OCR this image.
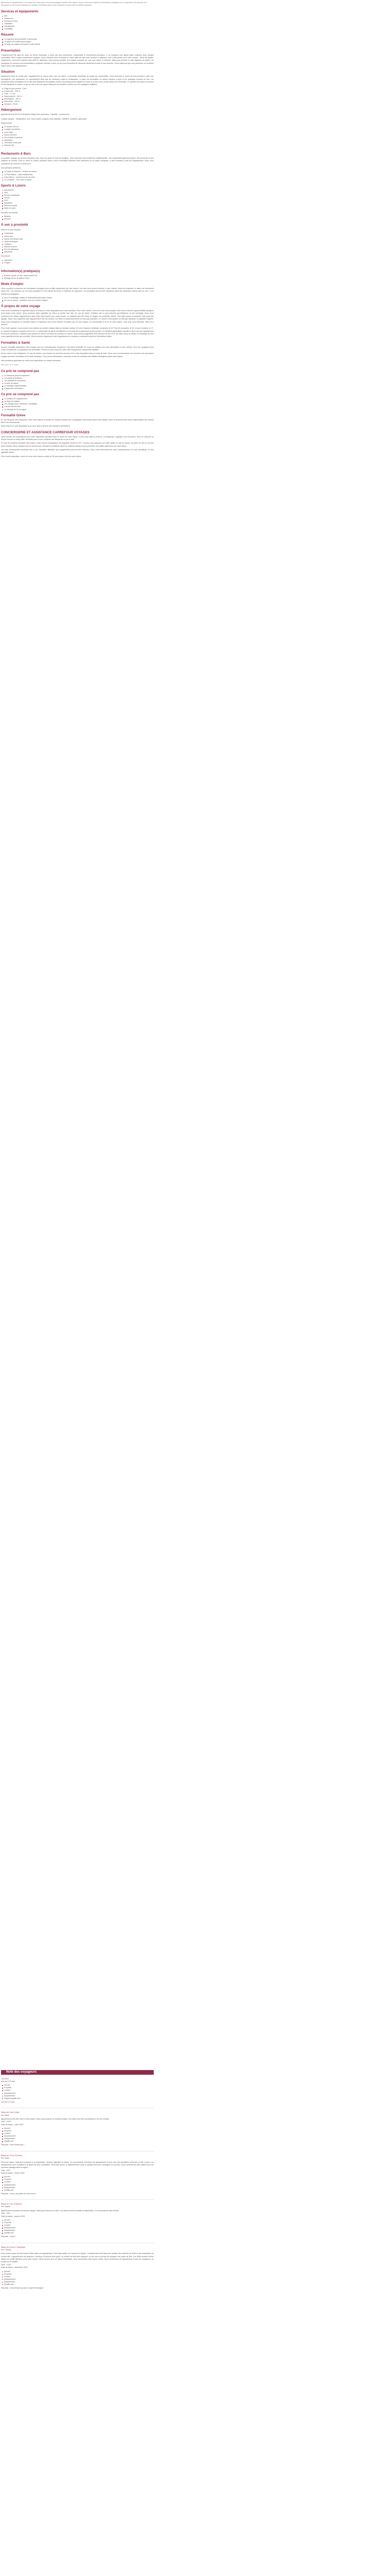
Bienvenue à l'appartement ! Ce carnet est conçu pour vous accompagner durant votre séjour. Vous y trouverez toutes les informations pratiques sur le logement, les services, les transports et les bonnes adresses du quartier. N'hésitez pas à nous contacter si vous avez la moindre question.

Services et équipements
Wifi
Restaurant
Parcours et lieux
Télévision
Climatisation
Chauffage
Résumé
Le logement peut accueillir 4 personnes
Le séjour est entièrement équipé
Le linge de maison est fourni à votre arrivée
Présentation

L'appartement est situé au cœur du centre historique, à deux pas des commerces, restaurants et monuments principaux. Il se compose d'un grand salon lumineux avec canapé convertible, d'une cuisine entièrement équipée, d'une chambre avec lit double et d'une salle de bain avec douche à l'italienne. Tout a été pensé pour votre confort : literie de qualité, rangements, connexion internet haut débit et télévision. Vous pourrez profiter d'un balcon donnant sur une cour calme et arborée, idéal pour prendre le petit déjeuner au soleil. Les transports en commun sont accessibles à quelques minutes à pied, ce qui vous permettra de découvrir facilement la ville et ses environs. Nous espérons que vous passerez un excellent séjour dans notre appartement.

Situation

Idéalement situé au centre-ville, l'appartement se trouve dans une rue calme, à proximité immédiate de toutes les commodités. Vous trouverez à moins de cinq minutes à pied une boulangerie, une pharmacie, un supermarché ainsi que de nombreux cafés et restaurants. La gare est accessible en quinze minutes à pied ou en quelques minutes en bus. Les principaux sites touristiques de la ville sont facilement accessibles à pied. Un parking public payant se trouve à environ deux cents mètres de l'immeuble. Le quartier est vivant en journée et très tranquille en soirée, ce qui en fait un lieu de séjour idéal pour les familles comme pour les voyageurs d'affaires.

Plage la plus proche : 2 km
Centre-ville : 200 m
Gare : 1,2 km
Supermarché : 300 m
Boulangerie : 100 m
Pharmacie : 150 m
Aéroport : 25 km
Hébergement

Appartement de 55 m² au deuxième étage avec ascenseur. Capacité : 4 personnes.

Cuisine équipée : réfrigérateur, four, micro-ondes, plaques, lave-vaisselle, cafetière, bouilloire, grille-pain.

Équipements :

Lit double 160 cm
Canapé convertible
Lave-linge
Sèche-cheveux
Fer et table à repasser
Aspirateur
Télévision écran plat
Internet wifi
Restaurants & Bars

Le quartier regorge de bonnes adresses pour tous les goûts et tous les budgets. Vous trouverez des brasseries traditionnelles, des restaurants gastronomiques, des pizzerias et des cuisines du monde. Pour un verre en soirée, plusieurs bars à vins et terrasses animées vous attendent sur la place principale, à deux minutes à pied de l'appartement. Nous vous conseillons de réserver le week-end.

Nos adresses préférées :

La Table du Marché – cuisine de saison
Le Petit Bistrot – plats traditionnels
Chez Marco – pizzeria au feu de bois
Le Comptoir – bar à vins et tapas
Sports & Loisirs
Randonnée
Vélo
Piscine municipale
Tennis
Golf
Équitation
Parcours sportif
Salle de sport

Activités à proximité :

Balades
Musées
À voir à proximité

Sites à ne pas manquer :

Cathédrale
Vieille ville
Musée des Beaux-Arts
Jardin botanique
Château
Marché couvert
Port de plaisance
Belvédère

Excursions :

Vignobles
Gorges
Information(s) pratique(s)
Arrivée à partir de 16h, départ avant 11h.
Ménage de fin de séjour inclus.
Mode d'emploi

Vous trouverez ci-dessous les principales consignes pour profiter pleinement de votre séjour. Les clés vous seront remises à votre arrivée. Merci de respecter le calme de l'immeuble après 22h. Les animaux ne sont pas acceptés et il est interdit de fumer à l'intérieur du logement. Les poubelles doivent être déposées dans les conteneurs situés dans la cour. Le tri sélectif est obligatoire.

Pour le chauffage, utilisez le thermostat situé dans l'entrée.
En cas de panne, contactez-nous au numéro indiqué.
À propos de votre voyage

Nous vous souhaitons un agréable séjour et restons à votre disposition pour toute question. Pour votre confort, merci de nous communiquer votre heure d'arrivée approximative quelques jours avant votre venue. Nous pourrons ainsi organiser au mieux la remise des clés. En cas de retard, n'hésitez pas à nous prévenir par téléphone ou par message. Nous vous remercions de laisser l'appartement dans l'état dans lequel vous l'avez trouvé. La vaisselle doit être lavée et rangée, les poubelles vidées. Tout objet cassé ou détérioré doit nous être signalé. Nous vous rappelons que l'appartement est non-fumeur. Les fêtes et rassemblements ne sont pas autorisés. Le nombre d'occupants ne doit pas dépasser la capacité indiquée. Nous vous souhaitons un excellent séjour et espérons vous revoir bientôt. N'oubliez pas de nous laisser un commentaire à la fin de votre séjour, votre avis nous intéresse. Merci et à bientôt !

Pour toute urgence, vous pouvez nous joindre au numéro indiqué dans la rubrique contact. En cas d'urgence médicale, composez le 15. Pour les pompiers, le 18, et pour la police, le 17. Le numéro d'urgence européen est le 112. La pharmacie de garde est affichée sur la porte de la pharmacie la plus proche. Un médecin généraliste consulte à deux rues de l'appartement du lundi au vendredi. L'hôpital le plus proche se trouve à environ dix minutes en voiture. Nous restons joignables tous les jours de 8h à 21h. Au-delà, merci de laisser un message et nous vous rappellerons dès que possible. Vous trouverez également dans l'appartement un classeur contenant toutes les informations utiles.

Formalités & Santé

Aucune formalité particulière n'est requise pour les ressortissants européens. Une pièce d'identité en cours de validité vous sera demandée à votre arrivée. Pour les voyageurs hors Union européenne, un passeport est nécessaire. Pensez à vous munir de votre carte européenne d'assurance maladie.

Aucun vaccin n'est obligatoire. En cas de besoin, une trousse de premiers secours est à votre disposition dans la salle de bain. Nous vous recommandons de souscrire une assurance voyage couvrant l'annulation et les frais médicaux. Pour plus d'informations, consultez le site du ministère des Affaires étrangères avant votre départ.

Nos conditions générales de vente sont disponibles sur simple demande.

Mis à jour le 12 mars

Ce prix ne comprend pas
Le transport jusqu'au logement
Les repas et boissons
Les activités et excursions
La taxe de séjour
Le ménage supplémentaire
L'assurance annulation
Ce prix ne comprend pas
La location de l'appartement
Le linge de maison
Les charges (eau, électricité, chauffage)
L'accès internet wifi
Le ménage de fin de séjour
Formalité Grève

En cas de grève des transports, nous vous invitons à vérifier les horaires auprès des compagnies concernées avant votre départ. Nous ne pourrons être tenus responsables des retards liés à ces événements.

Nous restons à votre disposition pour vous aider à trouver des solutions alternatives.

CONCIERGERIE ET ASSISTANCE CARREFOUR VOYAGES

Notre service de conciergerie est à votre disposition pendant toute la durée de votre séjour. Il peut vous aider à réserver un restaurant, organiser une excursion, louer un véhicule ou encore trouver un baby-sitter. N'hésitez pas à nous contacter par téléphone ou par e-mail.

En cas de problème pendant votre séjour, notre service d'assistance est joignable 24h/24 et 7j/7. Il pourra vous apporter une aide rapide en cas de panne, de perte de clés ou de tout autre incident. Nous mettrons tout en œuvre pour résoudre le problème dans les meilleurs délais et vous permettre de profiter pleinement de votre séjour.

Les frais d'intervention éventuels liés à une mauvaise utilisation des équipements pourront être facturés. Nous vous remercions de votre compréhension et vous souhaitons un très agréable séjour.

Pour toute réclamation, merci de nous écrire dans un délai de 30 jours après la fin de votre séjour.

Note des voyageurs
Très bien
Avis sur 172 avis
Accueil
Propreté
Confort
Emplacement
Équipements
Rapport qualité-prix
Voir les 172 avis
Séjour du 2 au 9 mars
Par Marie
Appartement très bien situé et très propre. Nous avons passé un excellent séjour. Les hôtes sont très accueillants et de bon conseil.
Note : 10/10
Date de séjour : mars 2024
Accueil
Propreté
Confort
Emplacement
Équipements
Qualité-prix
Réponse : merci beaucoup !
Séjour du 14 au 21 février
Par Julien
Très bon séjour, logement conforme à la description. Quartier agréable et calme. Je recommande vivement cet appartement à tous ceux qui souhaitent découvrir la ville à pied. Les équipements sont complets et la literie est très confortable. Seul petit bémol, le stationnement dans le quartier peut être compliqué en journée. Nous reviendrons avec plaisir lors d'un prochain passage dans la région.
Note : 9/10
Date de séjour : février 2024
Accueil
Propreté
Confort
Emplacement
Équipements
Qualité-prix
Réponse : merci, au plaisir de vous revoir !
Séjour du 3 au 10 janvier
Par Sophie
Appartement charmant et très bien équipé. Idéal pour découvrir la ville. Les hôtes sont très réactifs et disponibles. Je recommande sans hésiter.
Note : 9/10
Date de séjour : janvier 2024
Accueil
Propreté
Confort
Emplacement
Équipements
Qualité-prix
Réponse : merci !
Séjour du 20 au 27 décembre
Par Thomas
Nous avons passé de très bonnes fêtes dans cet appartement. Tout était parfait, de l'accueil au départ. L'emplacement est idéal pour profiter des marchés de Noël et des animations du centre-ville. L'appartement est spacieux, lumineux et décoré avec goût. La cuisine est très bien équipée, ce qui nous a permis de préparer nos repas de fête. Les hôtes avaient même laissé une petite attention pour notre arrivée. Merci encore pour ce séjour inoubliable, nous reviendrons sans aucun doute. Nous conseillons cet appartement à tous les voyageurs, en couple ou en famille.
Note : 10/10
Date de séjour : décembre 2023
Accueil
Propreté
Confort
Emplacement
Équipements
Qualité-prix
Réponse : merci beaucoup pour ce gentil message !
